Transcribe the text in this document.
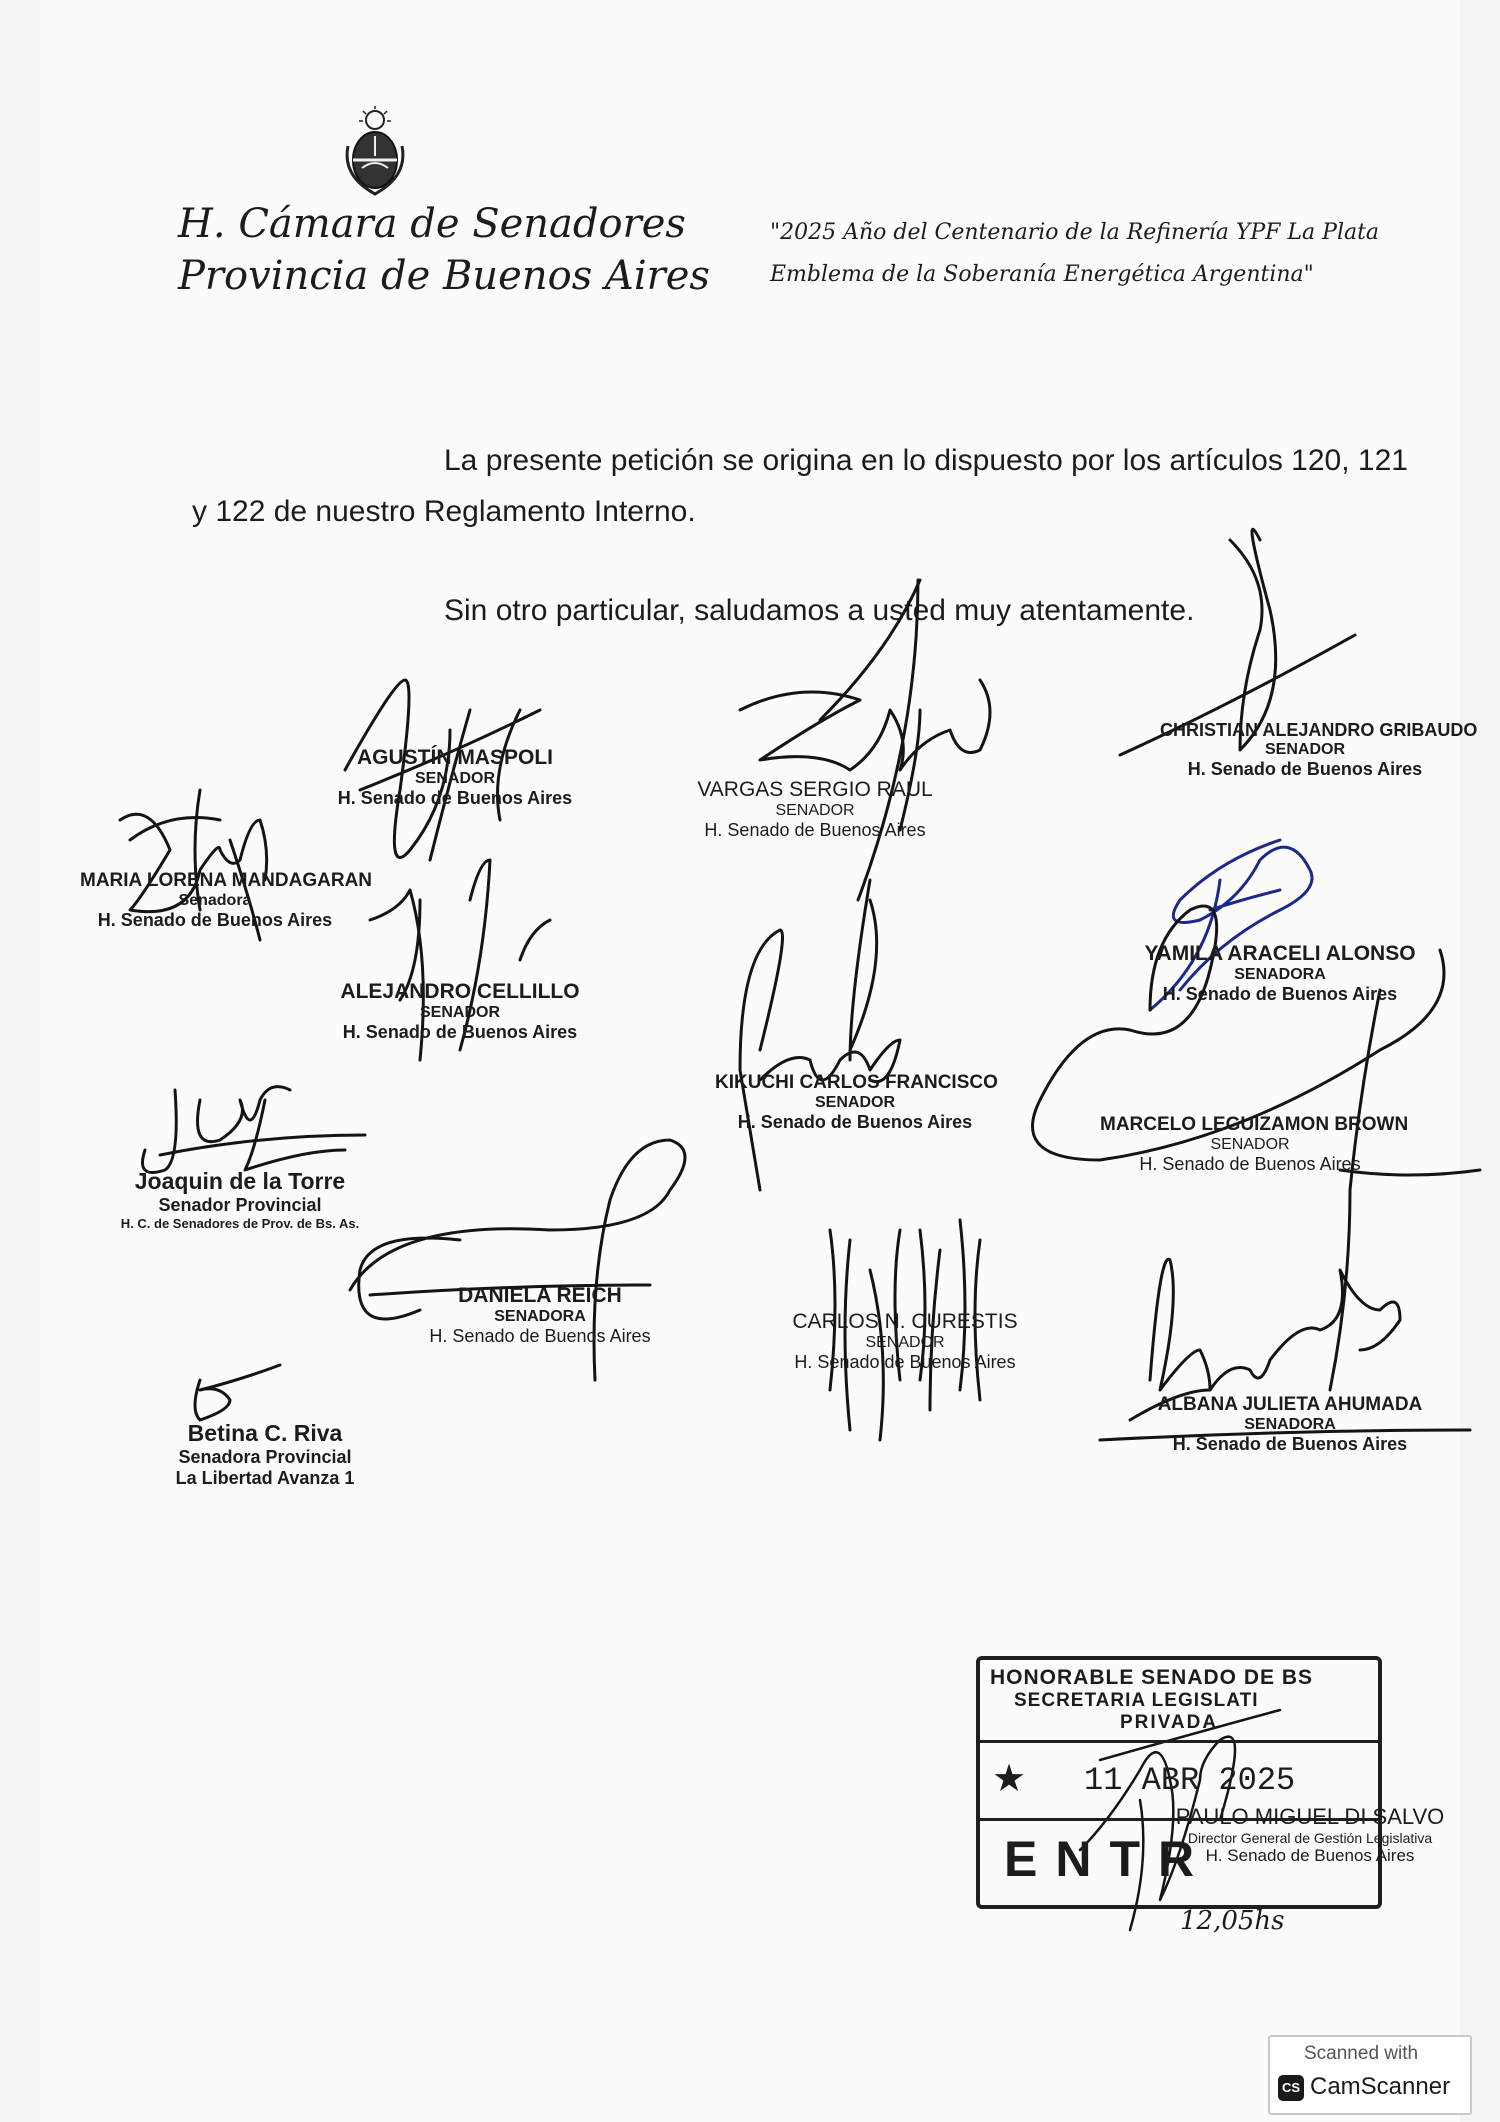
H. Cámara de Senadores
Provincia de Buenos Aires
"2025 Año del Centenario de la Refinería YPF La Plata
Emblema de la Soberanía Energética Argentina"
La presente petición se origina en lo dispuesto por los artículos 120, 121
y 122 de nuestro Reglamento Interno.
Sin otro particular, saludamos a usted muy atentamente.
AGUSTÍN MASPOLI
SENADOR
H. Senado de Buenos Aires	VARGAS SERGIO RAUL
SENADOR
H. Senado de Buenos Aires
CHRISTIAN ALEJANDRO GRIBAUDO
SENADOR
H. Senado de Buenos Aires
MARIA LORENA MANDAGARAN
Senadora
H. Senado de Buenos Aires
YAMILA ARACELI ALONSO
SENADORA
H. Senado de Buenos Aires
ALEJANDRO CELLILLO
SENADOR
H. Senado de Buenos Aires
KIKUCHI CARLOS FRANCISCO
SENADOR
H. Senado de Buenos Aires	MARCELO LEGUIZAMON BROWN
SENADOR
H. Senado de Buenos Aires
Joaquin de la Torre
Senador Provincial
H. C. de Senadores de Prov. de Bs. As.
DANIELA REICH
SENADORA
H. Senado de Buenos Aires
CARLOS N. CURESTIS
SENADOR
H. Senado de Buenos Aires
ALBANA JULIETA AHUMADA
SENADORA
H. Senado de Buenos Aires
Betina C. Riva
Senadora Provincial
La Libertad Avanza 1
HONORABLE SENADO DE BS
SECRETARIA LEGISLATI
PRIVADA
★ 11 ABR 2025
ENTR
PAULO MIGUEL DI SALVO
Director General de Gestión Legislativa
H. Senado de Buenos Aires
12,05hs
Scanned with
CS CamScanner
